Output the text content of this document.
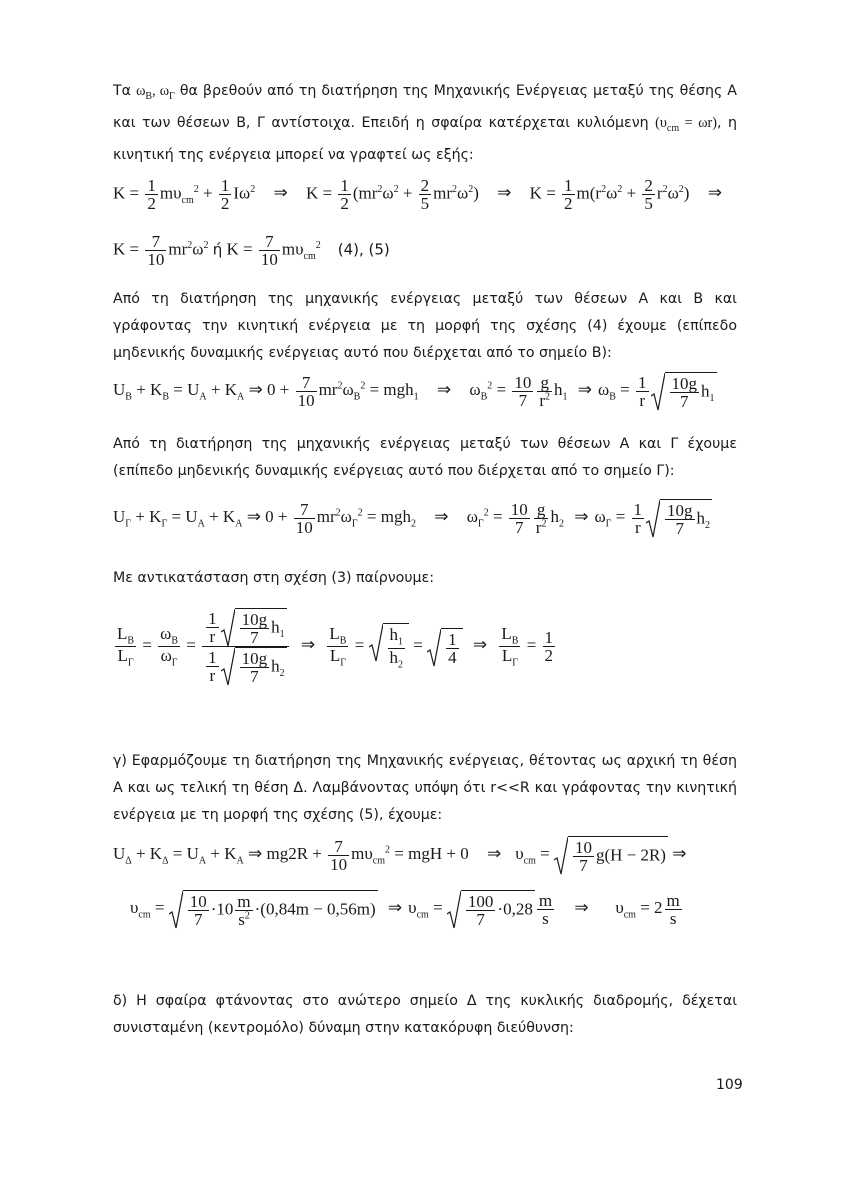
Τα $\omega_B$, $\omega_\Gamma$ θα βρεθούν από τη διατήρηση της Μηχανικής Ενέργειας μεταξύ της θέσης Α και των θέσεων Β, Γ αντίστοιχα. Επειδή η σφαίρα κατέρχεται κυλιόμενη $(\upsilon_{cm} = \omega r)$, η κινητική της ενέργεια μπορεί να γραφτεί ως εξής:
$K = \frac{1}{2} m\upsilon_{cm}^2 + \frac{1}{2} I\omega^2$ ⇒ $K = \frac{1}{2} (mr^2\omega^2 + \frac{2}{5} mr^2\omega^2)$ ⇒ $K = \frac{1}{2} m(r^2\omega^2 + \frac{2}{5} r^2\omega^2)$ ⇒
$K = \frac{7}{10} mr^2\omega^2$ ή $K = \frac{7}{10} m\upsilon_{cm}^2$ (4), (5)
Από τη διατήρηση της μηχανικής ενέργειας μεταξύ των θέσεων Α και Β και γράφοντας την κινητική ενέργεια με τη μορφή της σχέσης (4) έχουμε (επίπεδο μηδενικής δυναμικής ενέργειας αυτό που διέρχεται από το σημείο Β):
$U_B + K_B = U_A + K_A$ ⇒ $0 + \frac{7}{10} mr^2\omega_B^2 = mgh_1$ ⇒ $\omega_B^2 = \frac{10}{7} \frac{g}{r^2} h_1$ ⇒ $\omega_B = \frac{1}{r} \frac{10g}{7} h_1$
Από τη διατήρηση της μηχανικής ενέργειας μεταξύ των θέσεων Α και Γ έχουμε (επίπεδο μηδενικής δυναμικής ενέργειας αυτό που διέρχεται από το σημείο Γ):
$U_\Gamma + K_\Gamma = U_A + K_A$ ⇒ $0 + \frac{7}{10} mr^2\omega_\Gamma^2 = mgh_2$ ⇒ $\omega_\Gamma^2 = \frac{10}{7} \frac{g}{r^2} h_2$ ⇒ $\omega_\Gamma = \frac{1}{r} \frac{10g}{7} h_2$
Με αντικατάσταση στη σχέση (3) παίρνουμε:
$\frac{L_B}{L_\Gamma} = \frac{\omega_B}{\omega_\Gamma} = \frac{\frac{1}{r} \frac{10g}{7} h_1}{\frac{1}{r} \frac{10g}{7} h_2}$ ⇒ $\frac{L_B}{L_\Gamma} = \frac{h_1}{h_2} = \frac{1}{4}$ ⇒ $\frac{L_B}{L_\Gamma} = \frac{1}{2}$
γ) Εφαρμόζουμε τη διατήρηση της Μηχανικής ενέργειας, θέτοντας ως αρχική τη θέση Α και ως τελική τη θέση Δ. Λαμβάνοντας υπόψη ότι r<<R και γράφοντας την κινητική ενέργεια με τη μορφή της σχέσης (5), έχουμε:
$U_\Delta + K_\Delta = U_A + K_A$ ⇒ $mg2R + \frac{7}{10} m\upsilon_{cm}^2$ = mgH + 0 ⇒ $\upsilon_{cm} = \frac{10}{7} g(H - 2R)$ ⇒
$\upsilon_{cm} = \frac{10}{7} \cdot 10 \frac{m}{s^2} \cdot(0,84m - 0,56m)$ ⇒ $\upsilon_{cm} = \frac{100}{7} \cdot 0,28 \frac{m}{s}$ ⇒   $\upsilon_{cm} = 2 \frac{m}{s}$
δ) Η σφαίρα φτάνοντας στο ανώτερο σημείο Δ της κυκλικής διαδρομής, δέχεται συνισταμένη (κεντρομόλο) δύναμη στην κατακόρυφη διεύθυνση:
109
